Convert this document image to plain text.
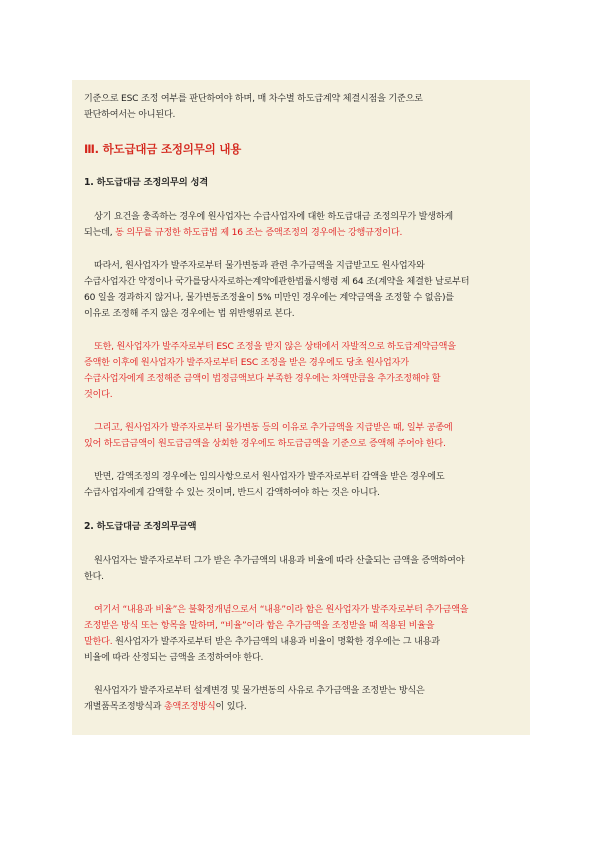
기준으로 ESC 조정 여부를 판단하여야 하며, 매 차수별 하도급계약 체결시점을 기준으로

판단하여서는 아니된다.

Ⅲ. 하도급대금 조정의무의 내용

1. 하도급대금 조정의무의 성격

상기 요건을 충족하는 경우에 원사업자는 수급사업자에 대한 하도급대금 조정의무가 발생하게

되는데, 동 의무를 규정한 하도급법 제 16 조는 증액조정의 경우에는 강행규정이다.

따라서, 원사업자가 발주자로부터 물가변동과 관련 추가금액을 지급받고도 원사업자와

수급사업자간 약정이나 국가를당사자로하는계약에관한법률시행령 제 64 조(계약을 체결한 날로부터

60 일을 경과하지 않거나, 물가변동조정율이 5% 미만인 경우에는 계약금액을 조정할 수 없음)를

이유로 조정해 주지 않은 경우에는 법 위반행위로 본다.

또한, 원사업자가 발주자로부터 ESC 조정을 받지 않은 상태에서 자발적으로 하도급계약금액을

증액한 이후에 원사업자가 발주자로부터 ESC 조정을 받은 경우에도 당초 원사업자가

수급사업자에게 조정해준 금액이 법정금액보다 부족한 경우에는 차액만큼을 추가조정해야 할

것이다.

그리고, 원사업자가 발주자로부터 물가변동 등의 이유로 추가금액을 지급받은 때, 일부 공종에

있어 하도급금액이 원도급금액을 상회한 경우에도 하도급금액을 기준으로 증액해 주어야 한다.

반면, 감액조정의 경우에는 임의사항으로서 원사업자가 발주자로부터 감액을 받은 경우에도

수급사업자에게 감액할 수 있는 것이며, 반드시 감액하여야 하는 것은 아니다.

2. 하도급대금 조정의무금액

원사업자는 발주자로부터 그가 받은 추가금액의 내용과 비율에 따라 산출되는 금액을 증액하여야

한다.

여기서 “내용과 비율”은 불확정개념으로서 “내용”이라 함은 원사업자가 발주자로부터 추가금액을

조정받은 방식 또는 항목을 말하며, “비율”이라 함은 추가금액을 조정받을 때 적용된 비율을

말한다. 원사업자가 발주자로부터 받은 추가금액의 내용과 비율이 명확한 경우에는 그 내용과

비율에 따라 산정되는 금액을 조정하여야 한다.

원사업자가 발주자로부터 설계변경 및 물가변동의 사유로 추가금액을 조정받는 방식은

개별품목조정방식과 총액조정방식이 있다.
